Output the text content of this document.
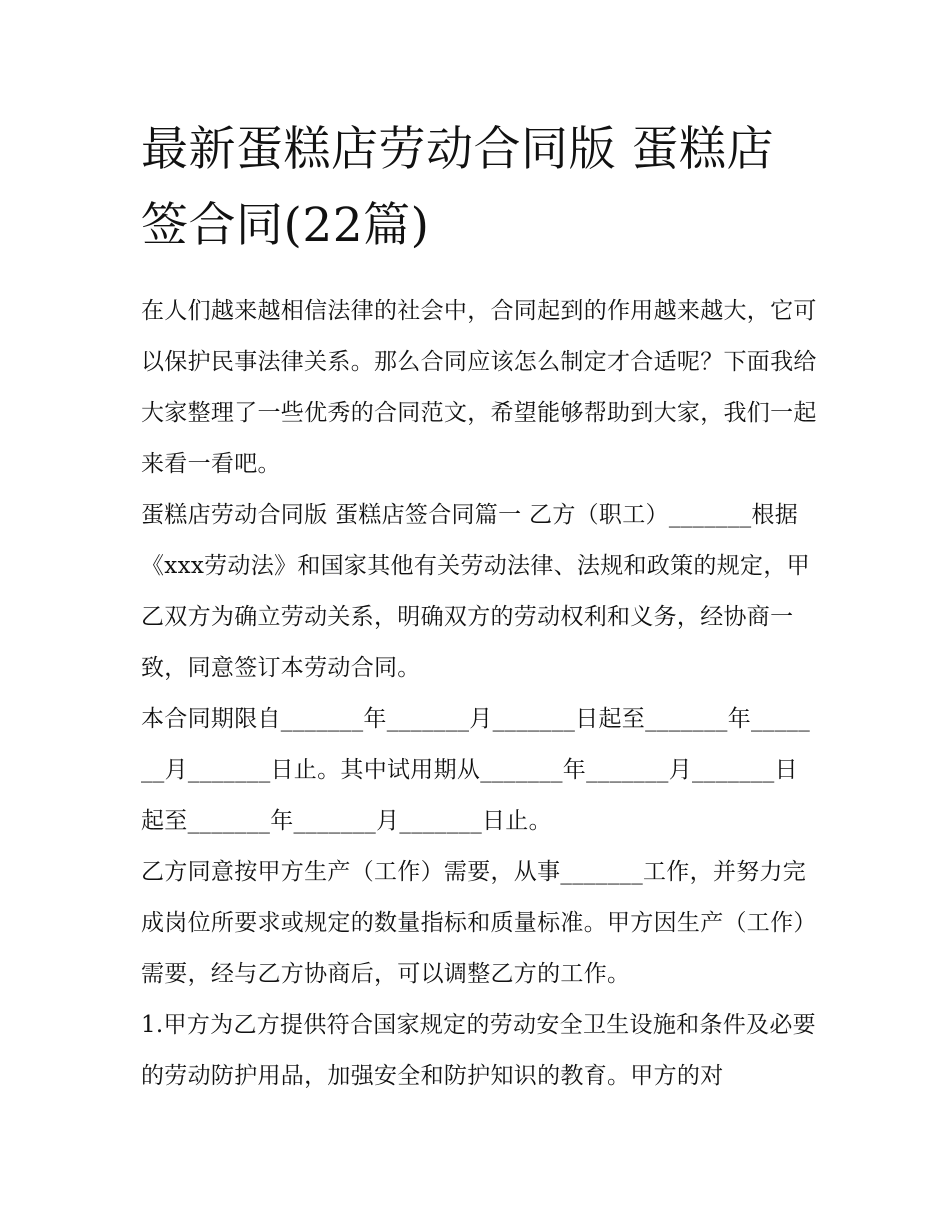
最新蛋糕店劳动合同版 蛋糕店签合同(22篇)

在人们越来越相信法律的社会中，合同起到的作用越来越大，它可以保护民事法律关系。那么合同应该怎么制定才合适呢？下面我给大家整理了一些优秀的合同范文，希望能够帮助到大家，我们一起来看一看吧。

蛋糕店劳动合同版 蛋糕店签合同篇一 乙方（职工）_______根据《xxx劳动法》和国家其他有关劳动法律、法规和政策的规定，甲乙双方为确立劳动关系，明确双方的劳动权利和义务，经协商一致，同意签订本劳动合同。

本合同期限自_______年_______月_______日起至_______年_______月_______日止。其中试用期从_______年_______月_______日起至_______年_______月_______日止。

乙方同意按甲方生产（工作）需要，从事_______工作，并努力完成岗位所要求或规定的数量指标和质量标准。甲方因生产（工作）需要，经与乙方协商后，可以调整乙方的工作。

1.甲方为乙方提供符合国家规定的劳动安全卫生设施和条件及必要的劳动防护用品，加强安全和防护知识的教育。甲方的对
